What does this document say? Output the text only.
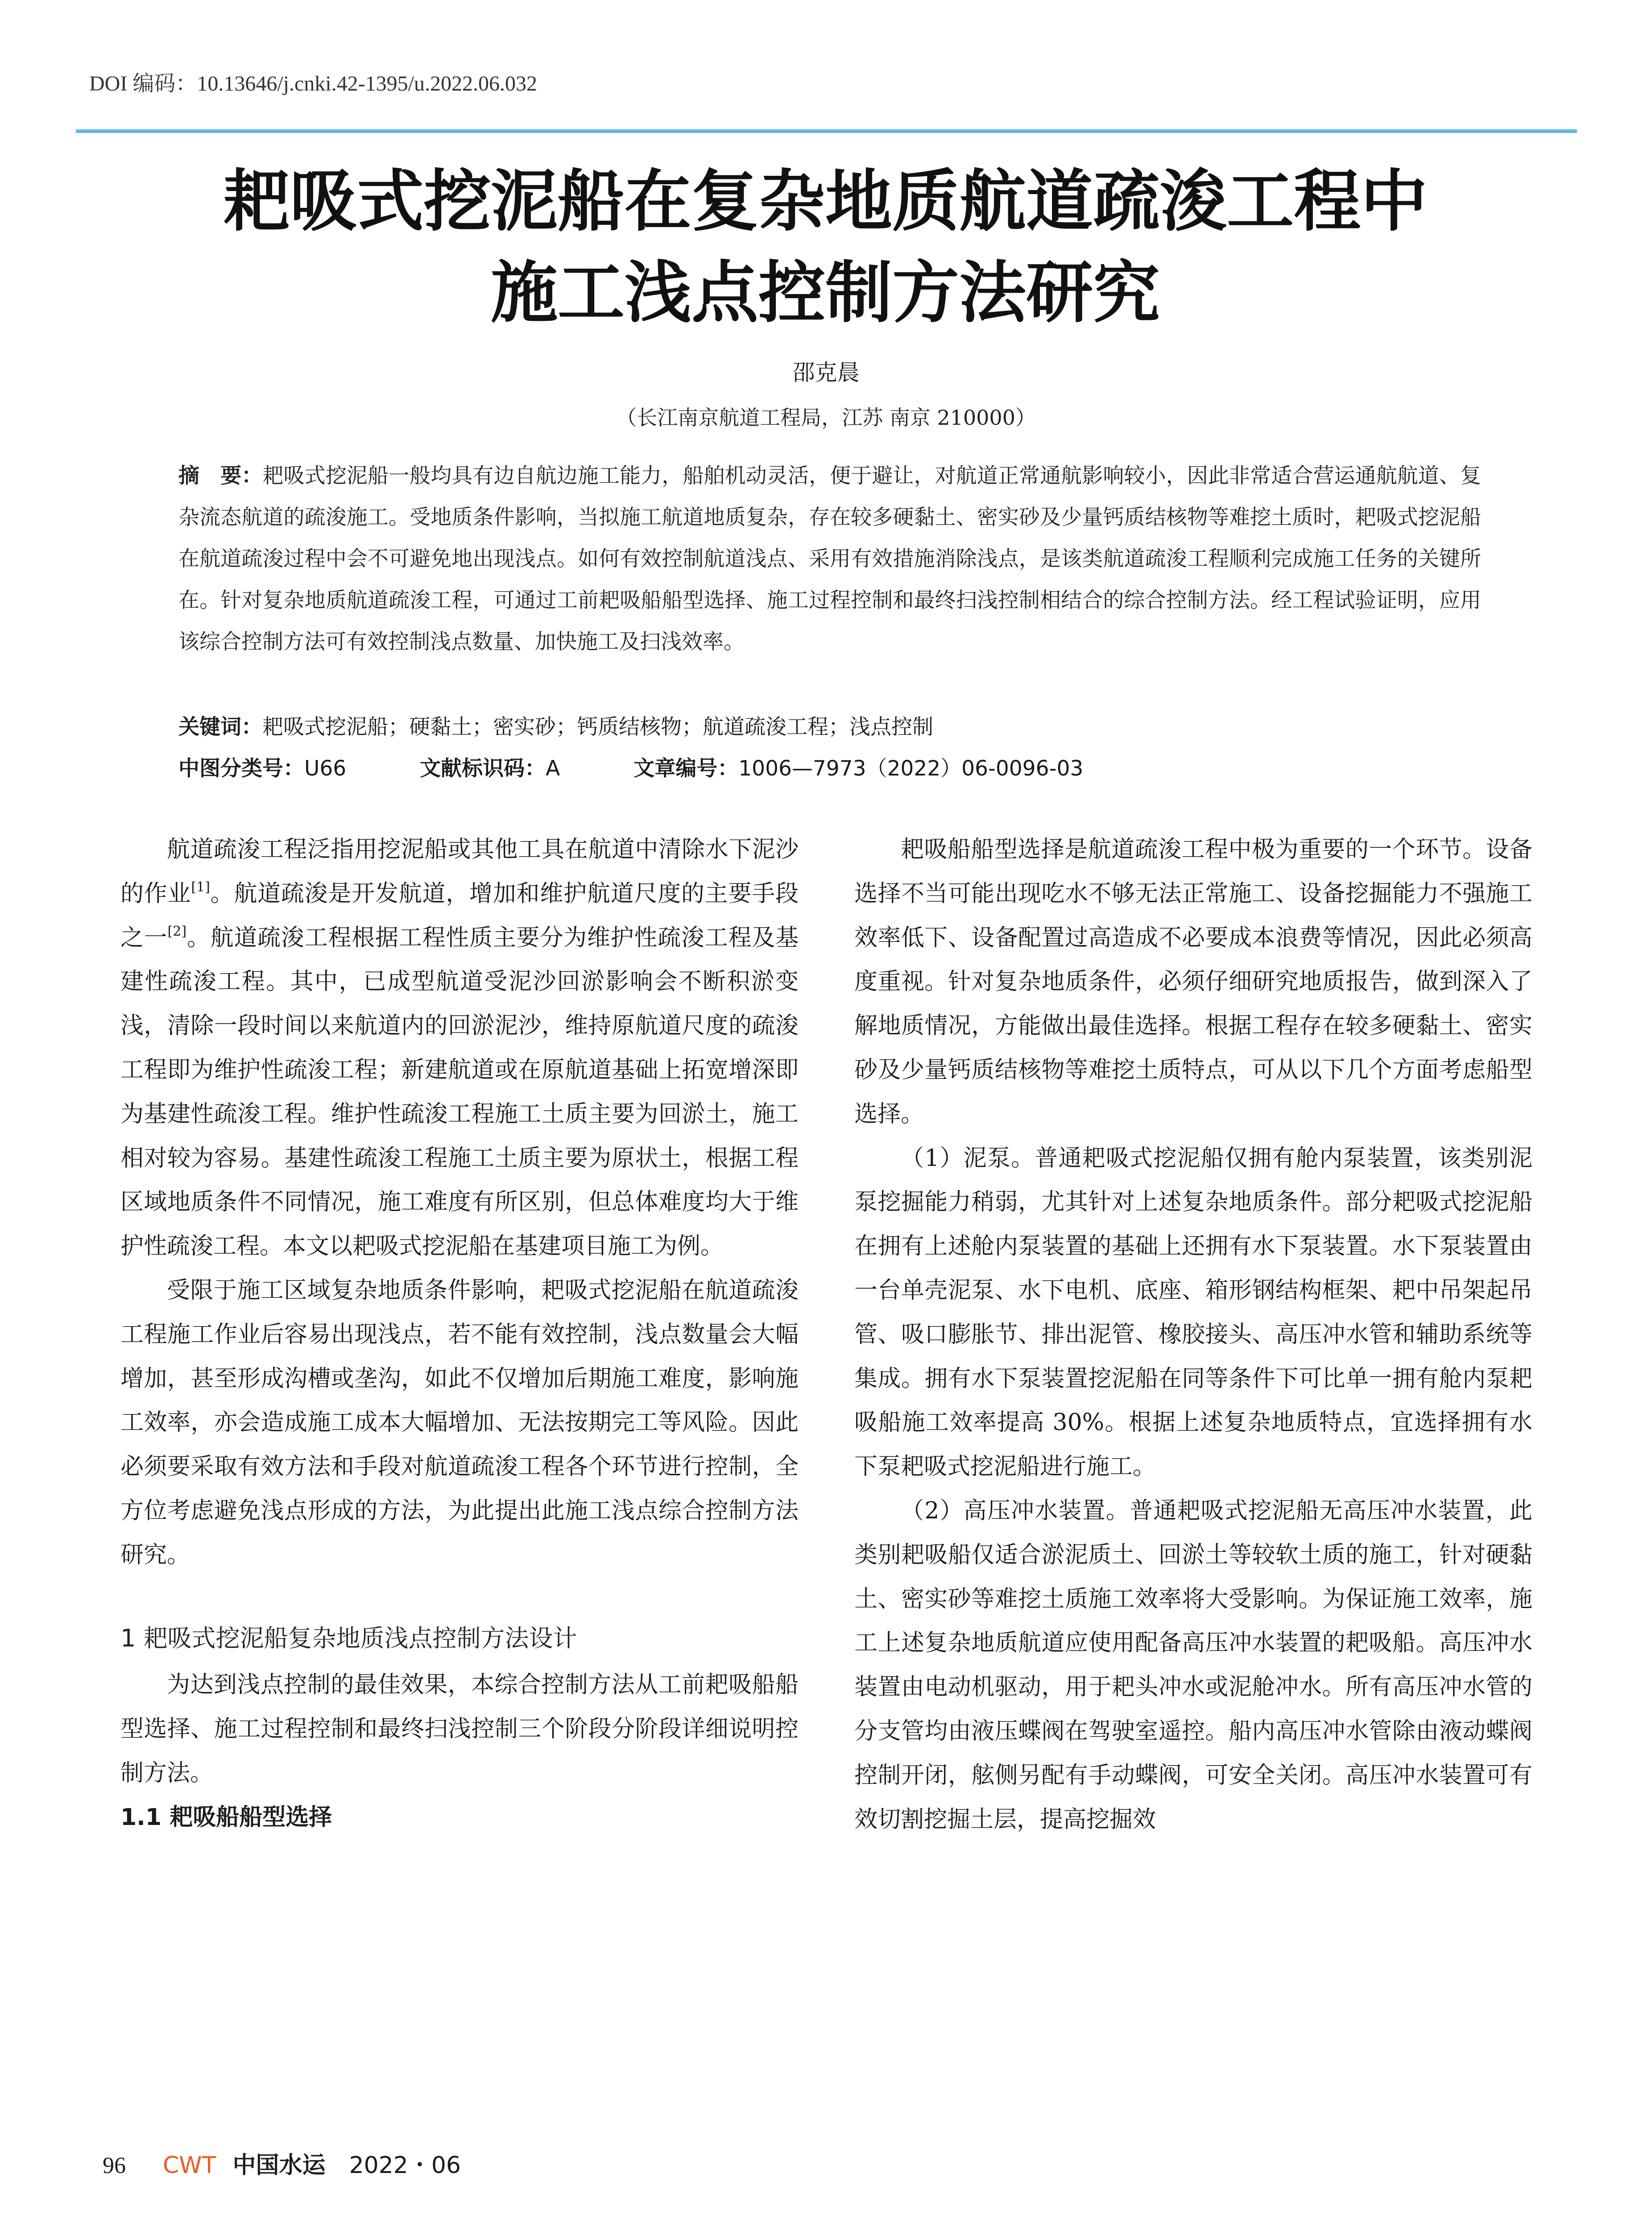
DOI 编码：10.13646/j.cnki.42-1395/u.2022.06.032
耙吸式挖泥船在复杂地质航道疏浚工程中
施工浅点控制方法研究
邵克晨
（长江南京航道工程局，江苏 南京 210000）
摘　要：耙吸式挖泥船一般均具有边自航边施工能力，船舶机动灵活，便于避让，对航道正常通航影响较小，因此非常适合营运通航航道、复杂流态航道的疏浚施工。受地质条件影响，当拟施工航道地质复杂，存在较多硬黏土、密实砂及少量钙质结核物等难挖土质时，耙吸式挖泥船在航道疏浚过程中会不可避免地出现浅点。如何有效控制航道浅点、采用有效措施消除浅点，是该类航道疏浚工程顺利完成施工任务的关键所在。针对复杂地质航道疏浚工程，可通过工前耙吸船船型选择、施工过程控制和最终扫浅控制相结合的综合控制方法。经工程试验证明，应用该综合控制方法可有效控制浅点数量、加快施工及扫浅效率。
关键词：耙吸式挖泥船；硬黏土；密实砂；钙质结核物；航道疏浚工程；浅点控制
中图分类号：U66	文献标识码：A	文章编号：1006—7973（2022）06-0096-03

航道疏浚工程泛指用挖泥船或其他工具在航道中清除水下泥沙的作业[1]。航道疏浚是开发航道，增加和维护航道尺度的主要手段之一[2]。航道疏浚工程根据工程性质主要分为维护性疏浚工程及基建性疏浚工程。其中，已成型航道受泥沙回淤影响会不断积淤变浅，清除一段时间以来航道内的回淤泥沙，维持原航道尺度的疏浚工程即为维护性疏浚工程；新建航道或在原航道基础上拓宽增深即为基建性疏浚工程。维护性疏浚工程施工土质主要为回淤土，施工相对较为容易。基建性疏浚工程施工土质主要为原状土，根据工程区域地质条件不同情况，施工难度有所区别，但总体难度均大于维护性疏浚工程。本文以耙吸式挖泥船在基建项目施工为例。

受限于施工区域复杂地质条件影响，耙吸式挖泥船在航道疏浚工程施工作业后容易出现浅点，若不能有效控制，浅点数量会大幅增加，甚至形成沟槽或垄沟，如此不仅增加后期施工难度，影响施工效率，亦会造成施工成本大幅增加、无法按期完工等风险。因此必须要采取有效方法和手段对航道疏浚工程各个环节进行控制，全方位考虑避免浅点形成的方法，为此提出此施工浅点综合控制方法研究。

1 耙吸式挖泥船复杂地质浅点控制方法设计

为达到浅点控制的最佳效果，本综合控制方法从工前耙吸船船型选择、施工过程控制和最终扫浅控制三个阶段分阶段详细说明控制方法。

1.1 耙吸船船型选择

耙吸船船型选择是航道疏浚工程中极为重要的一个环节。设备选择不当可能出现吃水不够无法正常施工、设备挖掘能力不强施工效率低下、设备配置过高造成不必要成本浪费等情况，因此必须高度重视。针对复杂地质条件，必须仔细研究地质报告，做到深入了解地质情况，方能做出最佳选择。根据工程存在较多硬黏土、密实砂及少量钙质结核物等难挖土质特点，可从以下几个方面考虑船型选择。

（1）泥泵。普通耙吸式挖泥船仅拥有舱内泵装置，该类别泥泵挖掘能力稍弱，尤其针对上述复杂地质条件。部分耙吸式挖泥船在拥有上述舱内泵装置的基础上还拥有水下泵装置。水下泵装置由一台单壳泥泵、水下电机、底座、箱形钢结构框架、耙中吊架起吊管、吸口膨胀节、排出泥管、橡胶接头、高压冲水管和辅助系统等集成。拥有水下泵装置挖泥船在同等条件下可比单一拥有舱内泵耙吸船施工效率提高 30%。根据上述复杂地质特点，宜选择拥有水下泵耙吸式挖泥船进行施工。

（2）高压冲水装置。普通耙吸式挖泥船无高压冲水装置，此类别耙吸船仅适合淤泥质土、回淤土等较软土质的施工，针对硬黏土、密实砂等难挖土质施工效率将大受影响。为保证施工效率，施工上述复杂地质航道应使用配备高压冲水装置的耙吸船。高压冲水装置由电动机驱动，用于耙头冲水或泥舱冲水。所有高压冲水管的分支管均由液压蝶阀在驾驶室遥控。船内高压冲水管除由液动蝶阀控制开闭，舷侧另配有手动蝶阀，可安全关闭。高压冲水装置可有效切割挖掘土层，提高挖掘效

96 CWT 中国水运 2022・06
